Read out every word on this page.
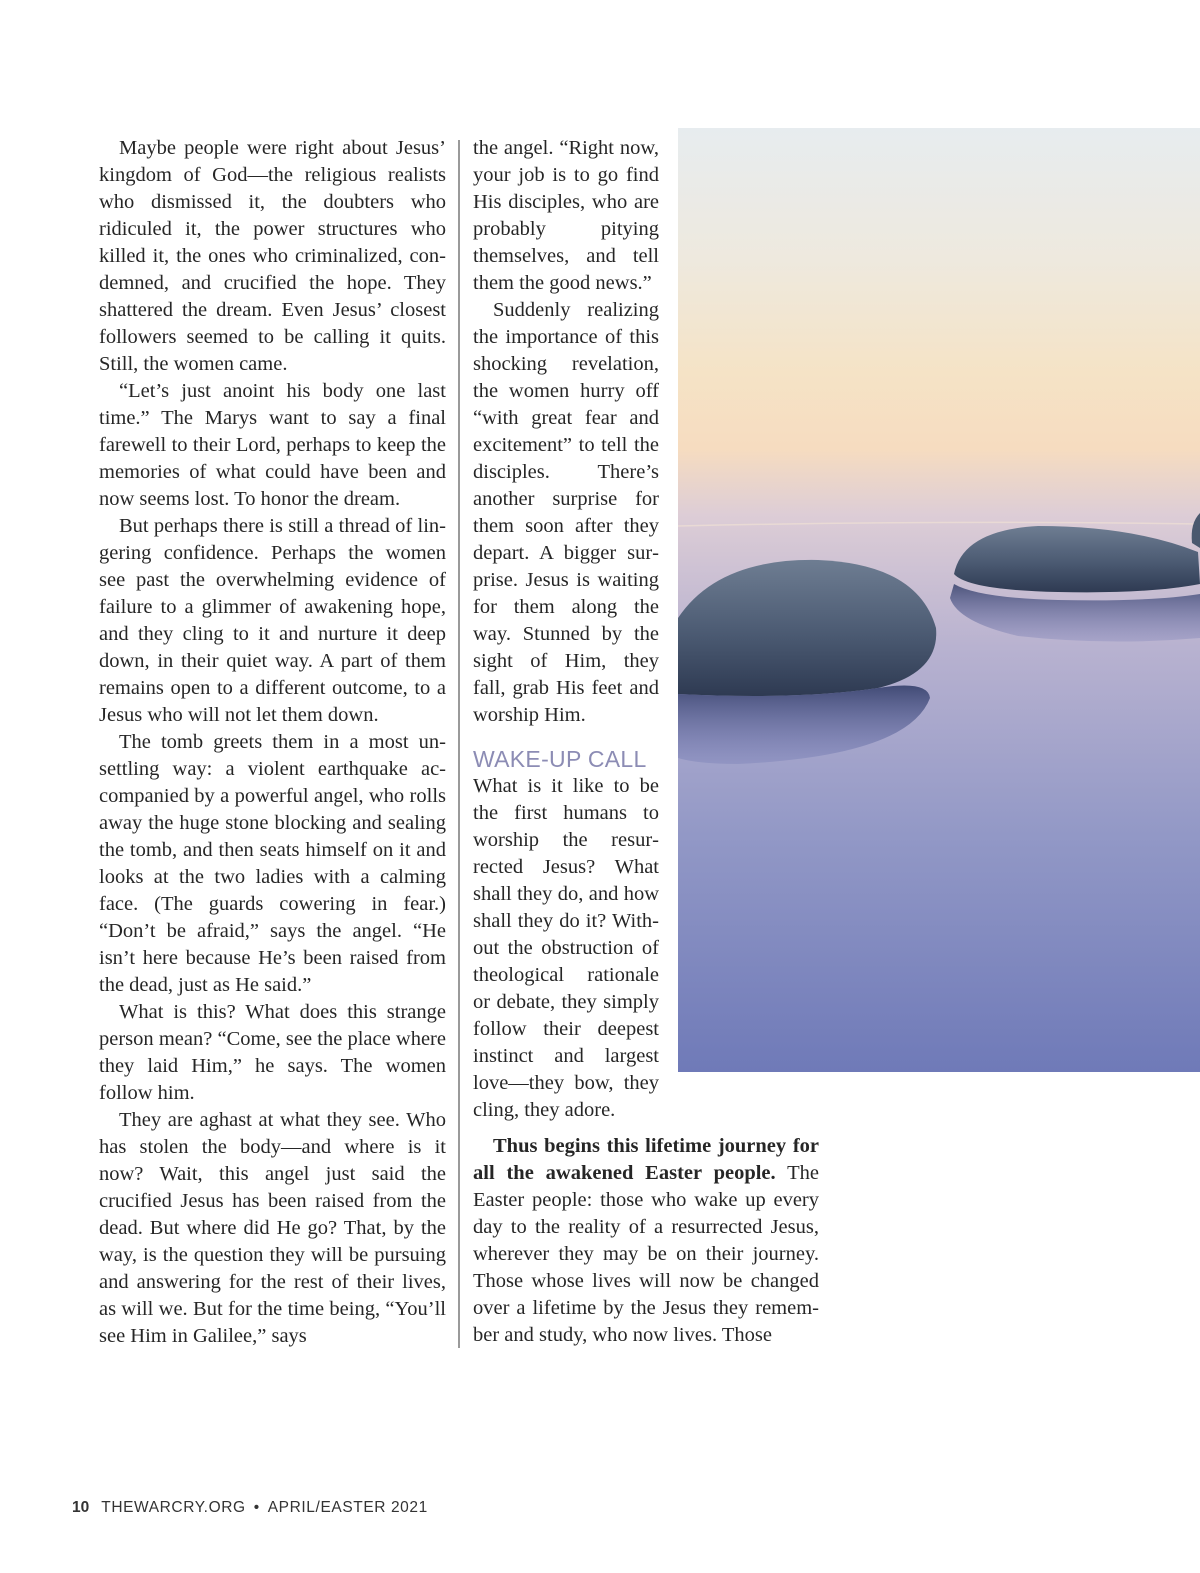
Maybe people were right about Jesus’ kingdom of God—the religious realists who dismissed it, the doubters who ridiculed it, the power structures who killed it, the ones who criminalized, condemned, and crucified the hope. They shattered the dream. Even Jesus’ closest followers seemed to be calling it quits. Still, the women came.

“Let’s just anoint his body one last time.” The Marys want to say a final farewell to their Lord, perhaps to keep the memories of what could have been and now seems lost. To honor the dream.

But perhaps there is still a thread of lingering confidence. Perhaps the women see past the overwhelming evidence of failure to a glimmer of awakening hope, and they cling to it and nurture it deep down, in their quiet way. A part of them remains open to a different outcome, to a Jesus who will not let them down.

The tomb greets them in a most unsettling way: a violent earthquake accompanied by a powerful angel, who rolls away the huge stone blocking and sealing the tomb, and then seats himself on it and looks at the two ladies with a calming face. (The guards cowering in fear.) “Don’t be afraid,” says the angel. “He isn’t here because He’s been raised from the dead, just as He said.”

What is this? What does this strange person mean? “Come, see the place where they laid Him,” he says. The women follow him.

They are aghast at what they see. Who has stolen the body—and where is it now? Wait, this angel just said the crucified Jesus has been raised from the dead. But where did He go? That, by the way, is the question they will be pursuing and answering for the rest of their lives, as will we. But for the time being, “You’ll see Him in Galilee,” says

the angel. “Right now, your job is to go find His disciples, who are probably pitying themselves, and tell them the good news.”

Suddenly realizing the importance of this shocking revelation, the women hurry off “with great fear and excitement” to tell the disciples. There’s another surprise for them soon after they depart. A bigger surprise. Jesus is waiting for them along the way. Stunned by the sight of Him, they fall, grab His feet and worship Him.

WAKE-UP CALL

What is it like to be the first humans to worship the resurrected Jesus? What shall they do, and how shall they do it? Without the obstruction of theological rationale or debate, they simply follow their deepest instinct and largest love—they bow, they cling, they adore.

Thus begins this lifetime journey for all the awakened Easter people. The Easter people: those who wake up every day to the reality of a resurrected Jesus, wherever they may be on their journey. Those whose lives will now be changed over a lifetime by the Jesus they remember and study, who now lives. Those

10 THEWARCRY.ORG • APRIL/EASTER 2021
